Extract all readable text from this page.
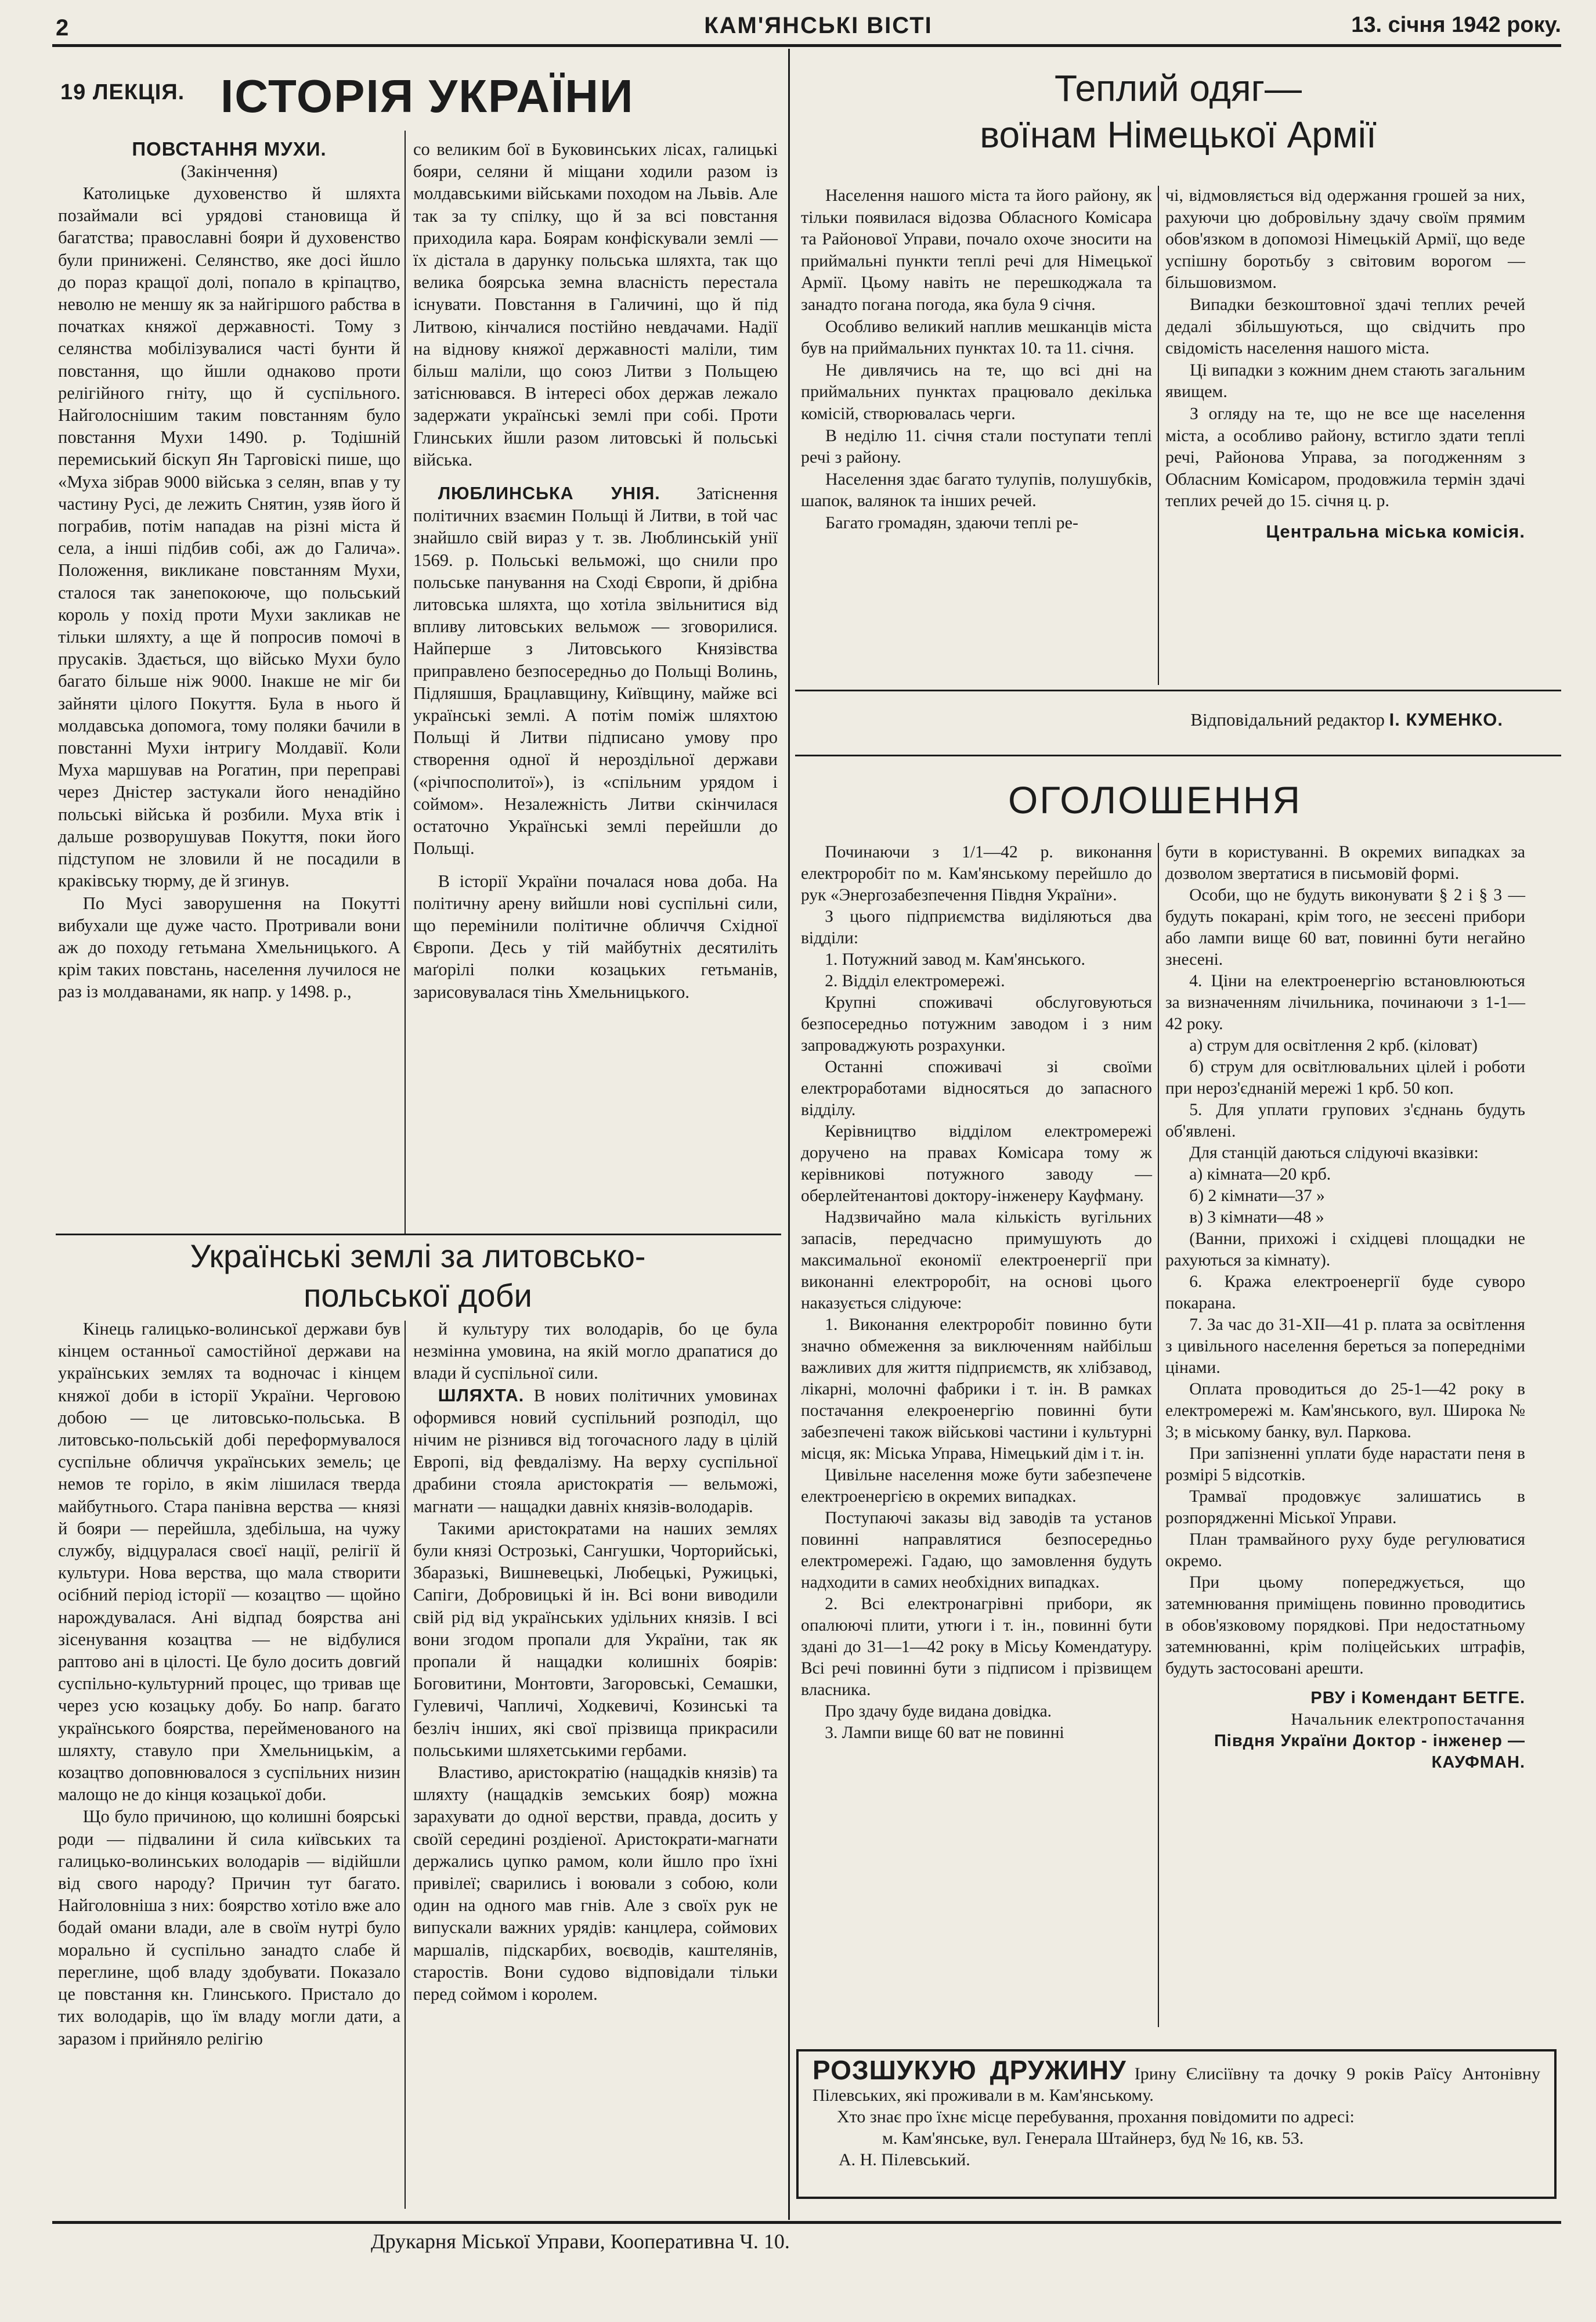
2	КАМ'ЯНСЬКІ ВІСТІ	13. січня 1942 року.
19 ЛЕКЦІЯ. ІСТОРІЯ УКРАЇНИ
ПОВСТАННЯ МУХИ.
(Закінчення)

Католицьке духовенство й шляхта позаймали всі урядові становища й багатства; православні бояри й духовенство були принижені. Селянство, яке досі йшло до пораз кращої долі, попало в кріпацтво, неволю не меншу як за найгіршого рабства в початках княжої державності. Тому з селянства мобілізувалися часті бунти й повстання, що йшли однаково проти релігійного гніту, що й суспільного. Найголоснішим таким повстанням було повстання Мухи 1490. р. Тодішній перемиський біскуп Ян Тарговіскі пише, що «Муха зібрав 9000 війська з селян, впав у ту частину Русі, де лежить Снятин, узяв його й пограбив, потім нападав на різні міста й села, а інші підбив собі, аж до Галича». Положення, викликане повстанням Мухи, сталося так занепокоюче, що польський король у похід проти Мухи закликав не тільки шляхту, а ще й попросив помочі в прусаків. Здається, що військо Мухи було багато більше ніж 9000. Інакше не міг би зайняти цілого Покуття. Була в нього й молдавська допомога, тому поляки бачили в повстанні Мухи інтригу Молдавії. Коли Муха маршував на Рогатин, при переправі через Дністер застукали його ненадійно польські війська й розбили. Муха втік і дальше розворушував Покуття, поки його підступом не зловили й не посадили в краківську тюрму, де й згинув.

По Мусі заворушення на Покутті вибухали ще дуже часто. Протривали вони аж до походу гетьмана Хмельницького. А крім таких повстань, населення лучилося не раз із молдаванами, як напр. у 1498. р.,

со великим бої в Буковинських лісах, галицькі бояри, селяни й міщани ходили разом із молдавськими військами походом на Львів. Але так за ту спілку, що й за всі повстання приходила кара. Боярам конфіскували землі — їх дістала в дарунку польська шляхта, так що велика боярська земна власність перестала існувати. Повстання в Галичині, що й під Литвою, кінчалися постійно невдачами. Надії на віднову княжої державності маліли, тим більш маліли, що союз Литви з Польщею затіснювався. В інтересі обох держав лежало задержати українські землі при собі. Проти Глинських йшли разом литовські й польські війська.

ЛЮБЛИНСЬКА УНІЯ. Затіснення політичних взаємин Польщі й Литви, в той час знайшло свій вираз у т. зв. Люблинській унії 1569. р. Польські вельможі, що снили про польське панування на Сході Європи, й дрібна литовська шляхта, що хотіла звільнитися від впливу литовських вельмож — зговорилися. Найперше з Литовського Князівства приправлено безпосередньо до Польщі Волинь, Підляшшя, Брацлавщину, Київщину, майже всі українські землі. А потім поміж шляхтою Польщі й Литви підписано умову про створення одної й нероздільної держави («річпосполитої»), із «спільним урядом і соймом». Незалежність Литви скінчилася остаточно Українські землі перейшли до Польщі.

В історії України почалася нова доба. На політичну арену вийшли нові суспільні сили, що перемінили політичне обличчя Східної Європи. Десь у тій майбутніх десятиліть маґорілі полки козацьких гетьманів, зарисовувалася тінь Хмельницького.

Українські землі за литовсько-
польської доби

Кінець галицько-волинської держави був кінцем останньої самостійної держави на українських землях та водночас і кінцем княжої доби в історії України. Черговою добою — це литовсько-польська. В литовсько-польській добі переформувалося суспільне обличчя українських земель; це немов те горіло, в якім лішилася тверда майбутнього. Стара панівна верства — князі й бояри — перейшла, здебільша, на чужу службу, відцуралася своєї нації, релігії й культури. Нова верства, що мала створити осібний період історії — козацтво — щойно нарождувалася. Ані відпад боярства ані зісенування козацтва — не відбулися раптово ані в цілості. Це було досить довгий суспільно-культурний процес, що тривав ще через усю козацьку добу. Бо напр. багато українського боярства, перейменованого на шляхту, ставуло при Хмельницькім, а козацтво доповнювалося з суспільних низин малощо не до кінця козацької доби.

Що було причиною, що колишні боярські роди — підвалини й сила київських та галицько-волинських володарів — відійшли від свого народу? Причин тут багато. Найголовніша з них: боярство хотіло вже ало бодай омани влади, але в своїм нутрі було морально й суспільно занадто слабе й переглине, щоб владу здобувати. Показало це повстання кн. Глинського. Пристало до тих володарів, що їм владу могли дати, а заразом і прийняло релігію

й культуру тих володарів, бо це була незмінна умовина, на якій могло драпатися до влади й суспільної сили.

ШЛЯХТА. В нових політичних умовинах оформився новий суспільний розподіл, що нічим не різнився від тогочасного ладу в цілій Европі, від февдалізму. На верху суспільної драбини стояла аристократія — вельможі, магнати — нащадки давніх князів-володарів.

Такими аристократами на наших землях були князі Острозькі, Сангушки, Чорторийські, Збаразькі, Вишневецькі, Любецькі, Ружицькі, Сапіги, Добровицькі й ін. Всі вони виводили свій рід від українських удільних князів. І всі вони згодом пропали для України, так як пропали й нащадки колишніх боярів: Боговитини, Монтовти, Загоровські, Семашки, Гулевичі, Чапличі, Ходкевичі, Козинські та безліч інших, які свої прізвища прикрасили польськими шляхетськими гербами.

Властиво, аристократію (нащадків князів) та шляхту (нащадків земських бояр) можна зарахувати до одної верстви, правда, досить у своїй середині роздіеної. Аристократи-магнати держались цупко рамом, коли йшло про їхні привілеї; сварились і воювали з собою, коли один на одного мав гнів. Але з своїх рук не випускали важних урядів: канцлера, соймових маршалів, підскарбих, воєводів, каштелянів, старостів. Вони судово відповідали тільки перед соймом і королем.

Теплий одяг—
воїнам Німецької Армії

Населення нашого міста та його району, як тільки появилася відозва Обласного Комісара та Районової Управи, почало охоче зносити на приймальні пункти теплі речі для Німецької Армії. Цьому навіть не перешкоджала та занадто погана погода, яка була 9 січня.

Особливо великий наплив мешканців міста був на приймальних пунктах 10. та 11. січня.

Не дивлячись на те, що всі дні на приймальних пунктах працювало декілька комісій, створювалась черги.

В неділю 11. січня стали поступати теплі речі з району.

Населення здає багато тулупів, полушубків, шапок, валянок та інших речей.

Багато громадян, здаючи теплі ре-

чі, відмовляється від одержання грошей за них, рахуючи цю добровільну здачу своїм прямим обов'язком в допомозі Німецькій Армії, що веде успішну боротьбу з світовим ворогом — більшовизмом.

Випадки безкоштовної здачі теплих речей дедалі збільшуються, що свідчить про свідомість населення нашого міста.

Ці випадки з кожним днем стають загальним явищем.

З огляду на те, що не все ще населення міста, а особливо району, встигло здати теплі речі, Районова Управа, за погодженням з Обласним Комісаром, продовжила термін здачі теплих речей до 15. січня ц. р.

Центральна міська комісія.
Відповідальний редактор І. КУМЕНКО.
ОГОЛОШЕННЯ

Починаючи з 1/1—42 р. виконання електроробіт по м. Кам'янському перейшло до рук «Энергозабезпечення Півдня України».

З цього підприємства виділяються два відділи:

1. Потужний завод м. Кам'янського.

2. Відділ електромережі.

Крупні споживачі обслуговуються безпосередньо потужним заводом і з ним запроваджують розрахунки.

Останні споживачі зі своїми електроработами відносяться до запасного відділу.

Керівництво відділом електромережі доручено на правах Комісара тому ж керівникові потужного заводу — оберлейтенантові доктору-інженеру Кауфману.

Надзвичайно мала кількість вугільних запасів, передчасно примушують до максимальної економії електроенергії при виконанні електроробіт, на основі цього наказується слідуюче:

1. Виконання електроробіт повинно бути значно обмеження за виключенням найбільш важливих для життя підприємств, як хлібзавод, лікарні, молочні фабрики і т. ін. В рамках постачання елекроенергію повинні бути забезпечені також військові частини і культурні місця, як: Міська Управа, Німецький дім і т. ін.

Цивільне населення може бути забезпечене електроенергією в окремих випадках.

Поступаючі заказы від заводів та установ повинні направлятися безпосередньо електромережі. Гадаю, що замовлення будуть надходити в самих необхідних випадках.

2. Всі електронагрівні прибори, як опалюючі плити, утюги і т. ін., повинні бути здані до 31—1—42 року в Місьу Комендатуру. Всі речі повинні бути з підписом і прізвищем власника.

Про здачу буде видана довідка.

3. Лампи вище 60 ват не повинні

бути в користуванні. В окремих випадках за дозволом звертатися в письмовій формі.

Особи, що не будуть виконувати § 2 і § 3 — будуть покарані, крім того, не зеєсені прибори або лампи вище 60 ват, повинні бути негайно знесені.

4. Ціни на електроенергію встановлюються за визначенням лічильника, починаючи з 1-1—42 року.

а) струм для освітлення 2 крб. (кіловат)

б) струм для освітлювальних цілей і роботи при нероз'єднаній мережі 1 крб. 50 коп.

5. Для уплати групових з'єднань будуть об'явлені.

Для станцій даються слідуючі вказівки:

а) кімната—20 крб.

б) 2 кімнати—37 »

в) 3 кімнати—48 »

(Ванни, прихожі і східцеві площадки не рахуються за кімнату).

6. Кража електроенергії буде суворо покарана.

7. За час до 31-XII—41 р. плата за освітлення з цивільного населення береться за попередніми цінами.

Оплата проводиться до 25-1—42 року в електромережі м. Кам'янського, вул. Широка № 3; в міському банку, вул. Паркова.

При запізненні уплати буде нарастати пеня в розмірі 5 відсотків.

Трамваї продовжує залишатись в розпорядженні Міської Управи.

План трамвайного руху буде регулюватися окремо.

При цьому попереджується, що затемнювання приміщень повинно проводитись в обов'язковому порядкові. При недостатньому затемнюванні, крім поліцейських штрафів, будуть застосовані арешти.

РВУ і Комендант БЕТГЕ.
Начальник електропостачання
Півдня України Доктор - інженер — КАУФМАН.

РОЗШУКУЮ ДРУЖИНУ Ірину Єлисіївну та дочку 9 років Раїсу Антонівну Пілевських, які проживали в м. Кам'янському.

Хто знає про їхнє місце перебування, прохання повідомити по адресі:

м. Кам'янське, вул. Генерала Штайнерз, буд № 16, кв. 53.

А. Н. Пілевський.

Друкарня Міської Управи, Кооперативна Ч. 10.
